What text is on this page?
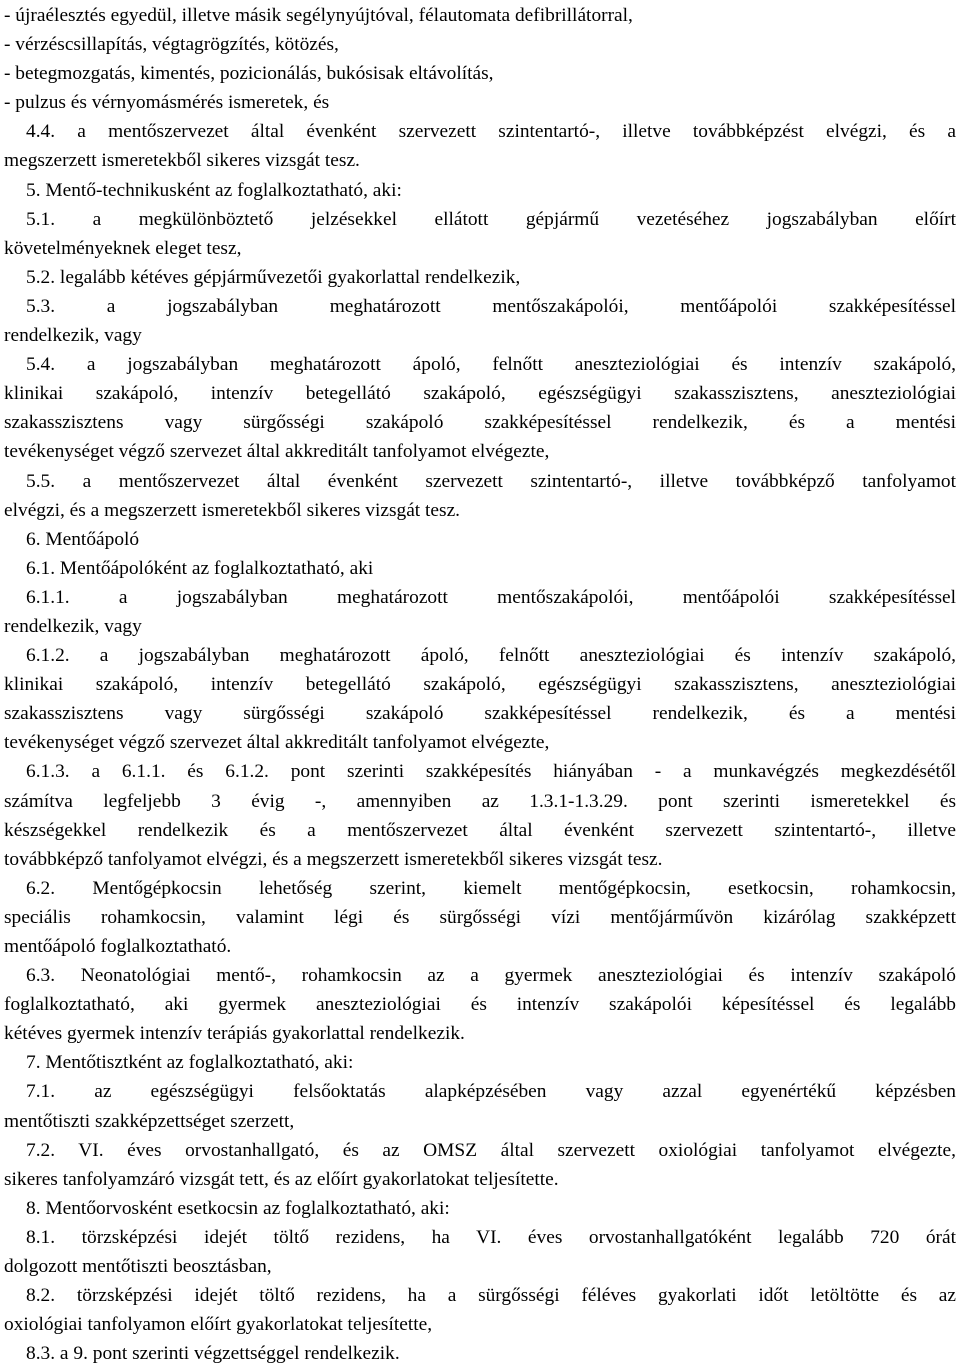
- újraélesztés egyedül, illetve másik segélynyújtóval, félautomata defibrillátorral,
- vérzéscsillapítás, végtagrögzítés, kötözés,
- betegmozgatás, kimentés, pozicionálás, bukósisak eltávolítás,
- pulzus és vérnyomásmérés ismeretek, és
4.4. a mentőszervezet által évenként szervezett szintentartó-, illetve továbbképzést elvégzi, és a
megszerzett ismeretekből sikeres vizsgát tesz.
5. Mentő-technikusként az foglalkoztatható, aki:
5.1. a megkülönböztető jelzésekkel ellátott gépjármű vezetéséhez jogszabályban előírt
követelményeknek eleget tesz,
5.2. legalább kétéves gépjárművezetői gyakorlattal rendelkezik,
5.3. a jogszabályban meghatározott mentőszakápolói, mentőápolói szakképesítéssel
rendelkezik, vagy
5.4. a jogszabályban meghatározott ápoló, felnőtt aneszteziológiai és intenzív szakápoló,
klinikai szakápoló, intenzív betegellátó szakápoló, egészségügyi szakasszisztens, aneszteziológiai
szakasszisztens vagy sürgősségi szakápoló szakképesítéssel rendelkezik, és a mentési
tevékenységet végző szervezet által akkreditált tanfolyamot elvégezte,
5.5. a mentőszervezet által évenként szervezett szintentartó-, illetve továbbképző tanfolyamot
elvégzi, és a megszerzett ismeretekből sikeres vizsgát tesz.
6. Mentőápoló
6.1. Mentőápolóként az foglalkoztatható, aki
6.1.1. a jogszabályban meghatározott mentőszakápolói, mentőápolói szakképesítéssel
rendelkezik, vagy
6.1.2. a jogszabályban meghatározott ápoló, felnőtt aneszteziológiai és intenzív szakápoló,
klinikai szakápoló, intenzív betegellátó szakápoló, egészségügyi szakasszisztens, aneszteziológiai
szakasszisztens vagy sürgősségi szakápoló szakképesítéssel rendelkezik, és a mentési
tevékenységet végző szervezet által akkreditált tanfolyamot elvégezte,
6.1.3. a 6.1.1. és 6.1.2. pont szerinti szakképesítés hiányában - a munkavégzés megkezdésétől
számítva legfeljebb 3 évig -, amennyiben az 1.3.1-1.3.29. pont szerinti ismeretekkel és
készségekkel rendelkezik és a mentőszervezet által évenként szervezett szintentartó-, illetve
továbbképző tanfolyamot elvégzi, és a megszerzett ismeretekből sikeres vizsgát tesz.
6.2. Mentőgépkocsin lehetőség szerint, kiemelt mentőgépkocsin, esetkocsin, rohamkocsin,
speciális rohamkocsin, valamint légi és sürgősségi vízi mentőjárművön kizárólag szakképzett
mentőápoló foglalkoztatható.
6.3. Neonatológiai mentő-, rohamkocsin az a gyermek aneszteziológiai és intenzív szakápoló
foglalkoztatható, aki gyermek aneszteziológiai és intenzív szakápolói képesítéssel és legalább
kétéves gyermek intenzív terápiás gyakorlattal rendelkezik.
7. Mentőtisztként az foglalkoztatható, aki:
7.1. az egészségügyi felsőoktatás alapképzésében vagy azzal egyenértékű képzésben
mentőtiszti szakképzettséget szerzett,
7.2. VI. éves orvostanhallgató, és az OMSZ által szervezett oxiológiai tanfolyamot elvégezte,
sikeres tanfolyamzáró vizsgát tett, és az előírt gyakorlatokat teljesítette.
8. Mentőorvosként esetkocsin az foglalkoztatható, aki:
8.1. törzsképzési idejét töltő rezidens, ha VI. éves orvostanhallgatóként legalább 720 órát
dolgozott mentőtiszti beosztásban,
8.2. törzsképzési idejét töltő rezidens, ha a sürgősségi féléves gyakorlati időt letöltötte és az
oxiológiai tanfolyamon előírt gyakorlatokat teljesítette,
8.3. a 9. pont szerinti végzettséggel rendelkezik.
